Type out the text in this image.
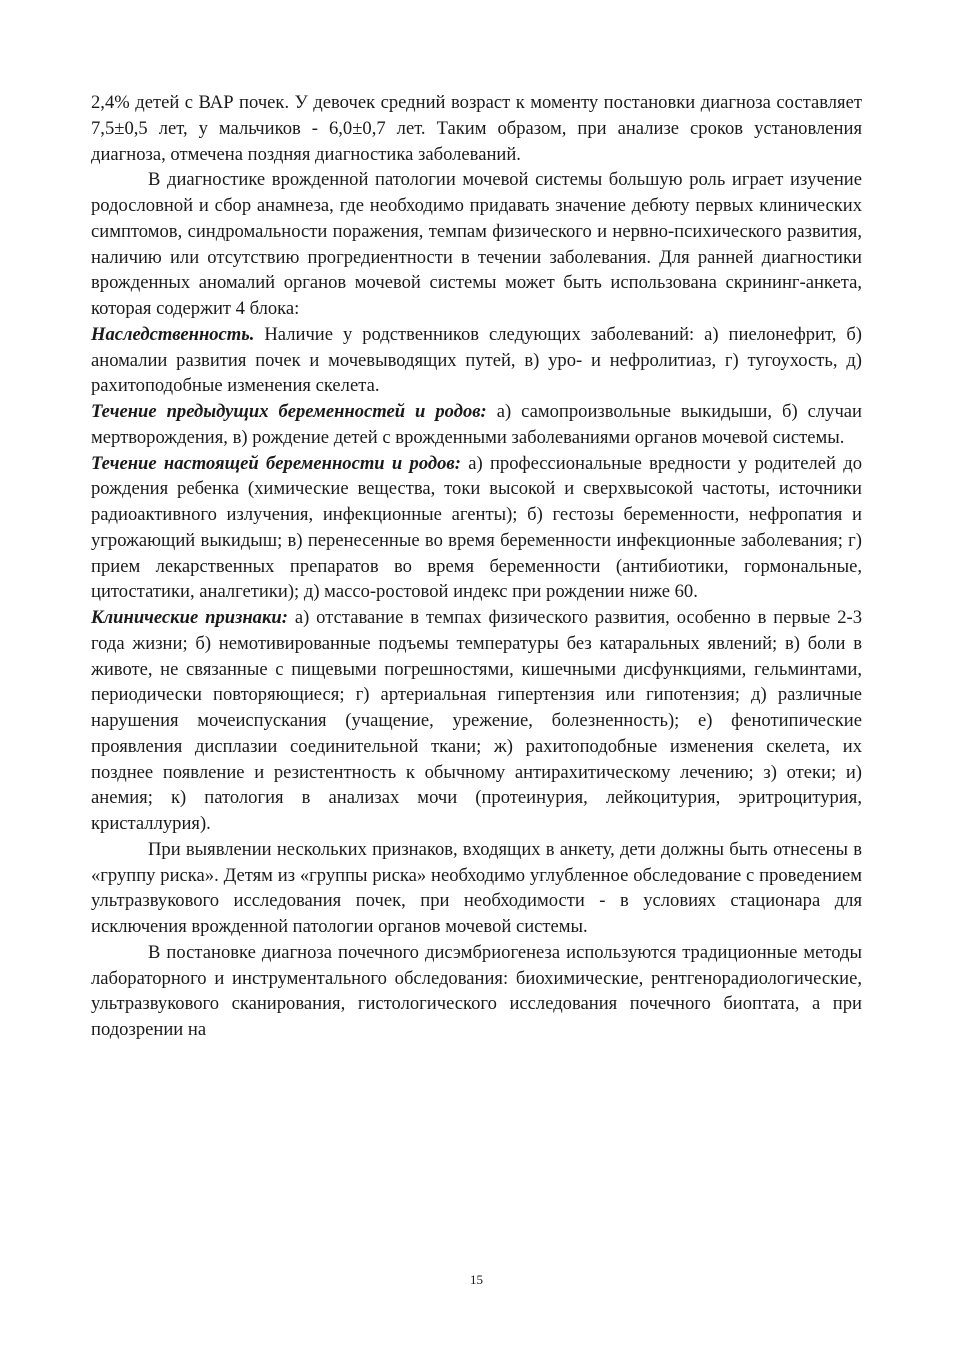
2,4% детей с ВАР почек. У девочек средний возраст к моменту постановки диагноза составляет 7,5±0,5 лет, у мальчиков - 6,0±0,7 лет. Таким образом, при анализе сроков установления диагноза, отмечена поздняя диагностика заболеваний.

В диагностике врожденной патологии мочевой системы большую роль играет изучение родословной и сбор анамнеза, где необходимо придавать значение дебюту первых клинических симптомов, синдромальности поражения, темпам физического и нервно-психического развития, наличию или отсутствию прогредиентности в течении заболевания. Для ранней диагностики врожденных аномалий органов мочевой системы может быть использована скрининг-анкета, которая содержит 4 блока:

Наследственность. Наличие у родственников следующих заболеваний: а) пиелонефрит, б) аномалии развития почек и мочевыводящих путей, в) уро- и нефролитиаз, г) тугоухость, д) рахитоподобные изменения скелета.

Течение предыдущих беременностей и родов: а) самопроизвольные выкидыши, б) случаи мертворождения, в) рождение детей с врожденными заболеваниями органов мочевой системы.

Течение настоящей беременности и родов: а) профессиональные вредности у родителей до рождения ребенка (химические вещества, токи высокой и сверхвысокой частоты, источники радиоактивного излучения, инфекционные агенты); б) гестозы беременности, нефропатия и угрожающий выкидыш; в) перенесенные во время беременности инфекционные заболевания; г) прием лекарственных препаратов во время беременности (антибиотики, гормональные, цитостатики, аналгетики); д) массо-ростовой индекс при рождении ниже 60.

Клинические признаки: а) отставание в темпах физического развития, особенно в первые 2-3 года жизни; б) немотивированные подъемы температуры без катаральных явлений; в) боли в животе, не связанные с пищевыми погрешностями, кишечными дисфункциями, гельминтами, периодически повторяющиеся; г) артериальная гипертензия или гипотензия; д) различные нарушения мочеиспускания (учащение, урежение, болезненность); е) фенотипические проявления дисплазии соединительной ткани; ж) рахитоподобные изменения скелета, их позднее появление и резистентность к обычному антирахитическому лечению; з) отеки; и) анемия; к) патология в анализах мочи (протеинурия, лейкоцитурия, эритроцитурия, кристаллурия).

При выявлении нескольких признаков, входящих в анкету, дети должны быть отнесены в «группу риска». Детям из «группы риска» необходимо углубленное обследование с проведением ультразвукового исследования почек, при необходимости - в условиях стационара для исключения врожденной патологии органов мочевой системы.

В постановке диагноза почечного дисэмбриогенеза используются традиционные методы лабораторного и инструментального обследования: биохимические, рентгенорадиологические, ультразвукового сканирования, гистологического исследования почечного биоптата, а при подозрении на

15
